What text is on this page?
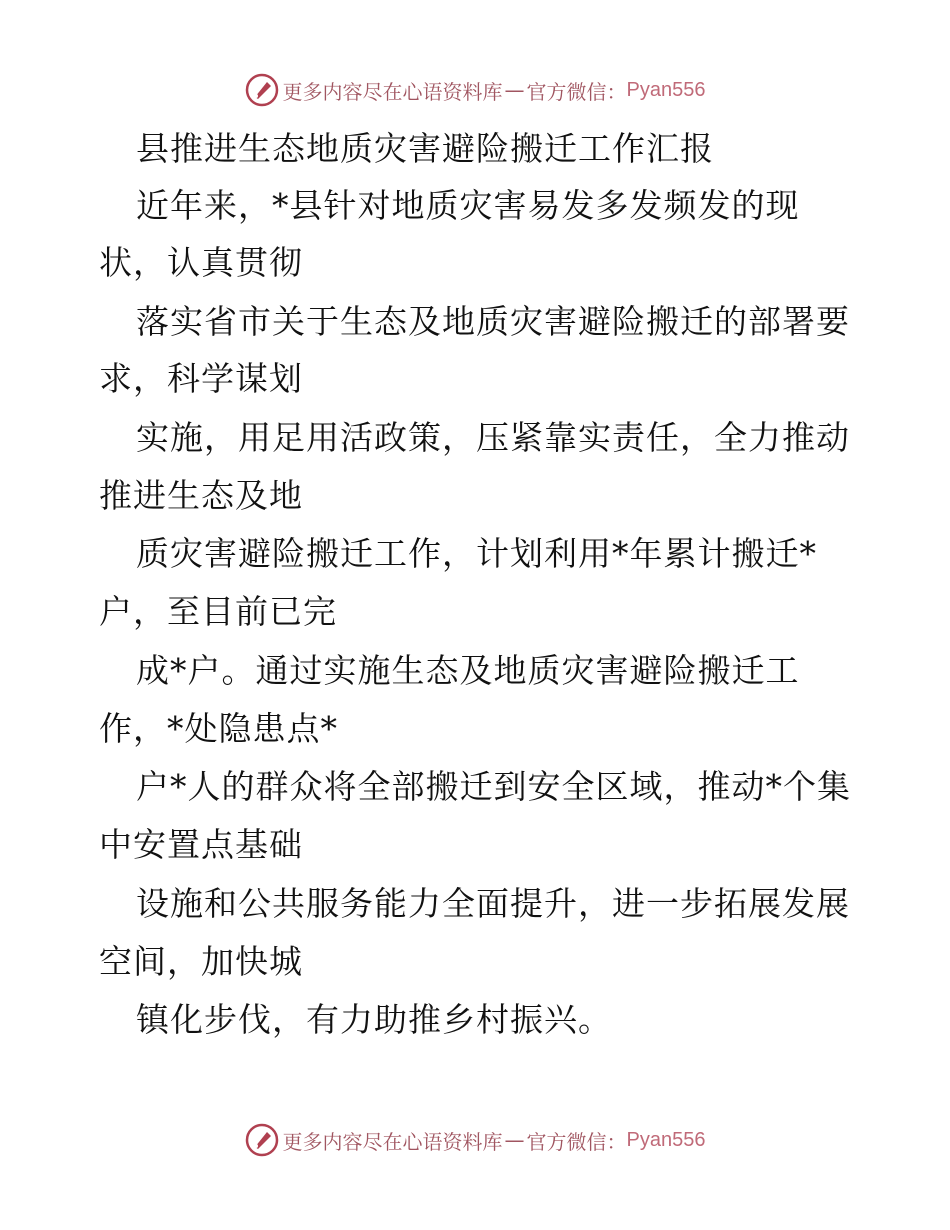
更多内容尽在心语资料库 — 官方微信： Pyan556
县推进生态地质灾害避险搬迁工作汇报
近年来，*县针对地质灾害易发多发频发的现
状，认真贯彻
落实省市关于生态及地质灾害避险搬迁的部署要
求，科学谋划
实施，用足用活政策，压紧靠实责任，全力推动
推进生态及地
质灾害避险搬迁工作，计划利用*年累计搬迁*
户，至目前已完
成*户。通过实施生态及地质灾害避险搬迁工
作，*处隐患点*
户*人的群众将全部搬迁到安全区域，推动*个集
中安置点基础
设施和公共服务能力全面提升，进一步拓展发展
空间，加快城
镇化步伐，有力助推乡村振兴。
更多内容尽在心语资料库 — 官方微信： Pyan556
